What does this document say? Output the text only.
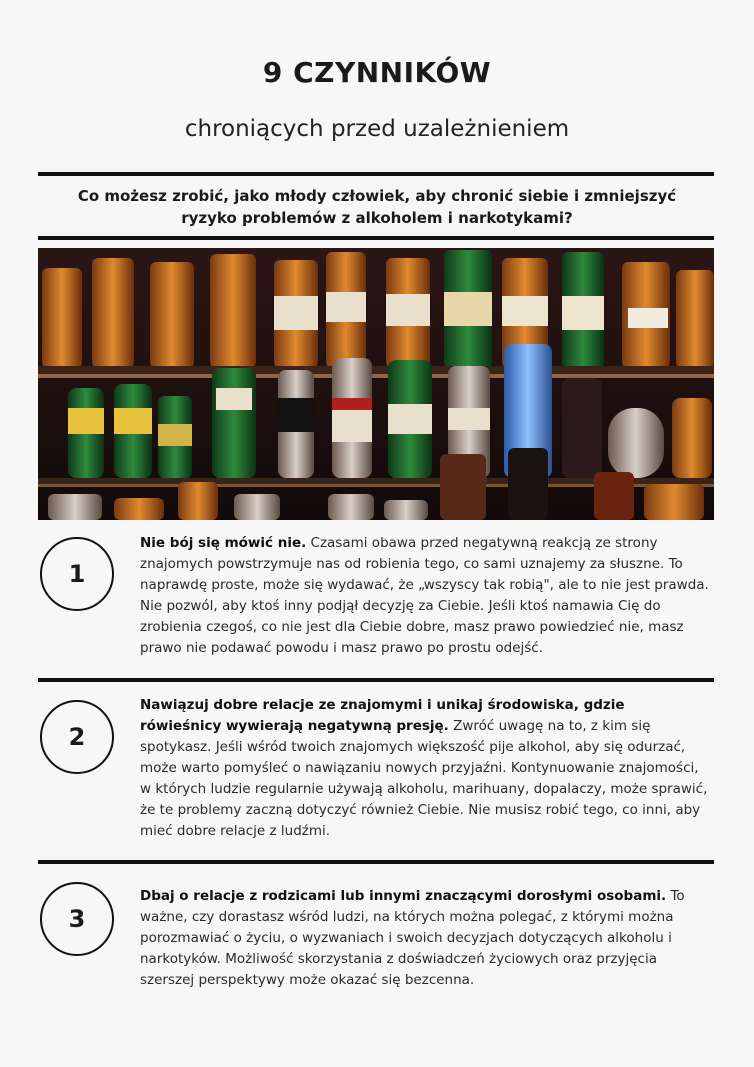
9 CZYNNIKÓW
chroniących przed uzależnieniem
Co możesz zrobić, jako młody człowiek, aby chronić siebie i zmniejszyć ryzyko problemów z alkoholem i narkotykami?
1
Nie bój się mówić nie. Czasami obawa przed negatywną reakcją ze strony znajomych powstrzymuje nas od robienia tego, co sami uznajemy za słuszne. To naprawdę proste, może się wydawać, że „wszyscy tak robią", ale to nie jest prawda. Nie pozwól, aby ktoś inny podjął decyzję za Ciebie. Jeśli ktoś namawia Cię do zrobienia czegoś, co nie jest dla Ciebie dobre, masz prawo powiedzieć nie, masz prawo nie podawać powodu i masz prawo po prostu odejść.
2
Nawiązuj dobre relacje ze znajomymi i unikaj środowiska, gdzie rówieśnicy wywierają negatywną presję. Zwróć uwagę na to, z kim się spotykasz. Jeśli wśród twoich znajomych większość pije alkohol, aby się odurzać, może warto pomyśleć o nawiązaniu nowych przyjaźni. Kontynuowanie znajomości, w których ludzie regularnie używają alkoholu, marihuany, dopalaczy, może sprawić, że te problemy zaczną dotyczyć również Ciebie. Nie musisz robić tego, co inni, aby mieć dobre relacje z ludźmi.
3
Dbaj o relacje z rodzicami lub innymi znaczącymi dorosłymi osobami. To ważne, czy dorastasz wśród ludzi, na których można polegać, z którymi można porozmawiać o życiu, o wyzwaniach i swoich decyzjach dotyczących alkoholu i narkotyków. Możliwość skorzystania z doświadczeń życiowych oraz przyjęcia szerszej perspektywy może okazać się bezcenna.
